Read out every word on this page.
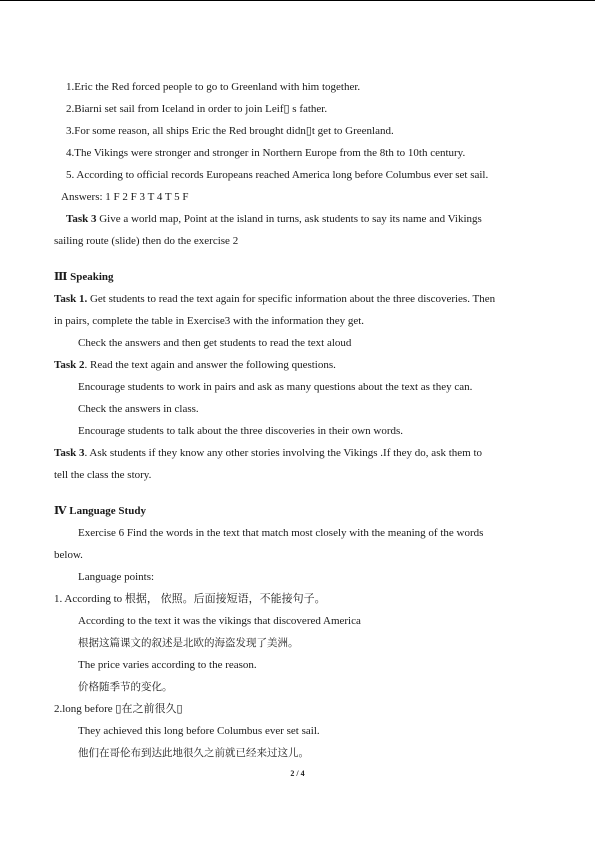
1.Eric the Red forced people to go to Greenland with him together.
2.Biarni set sail from Iceland in order to join Leif▯ s father.
3.For some reason, all ships Eric the Red brought didn▯t get to Greenland.
4.The Vikings were stronger and stronger in Northern Europe from the 8th to 10th century.
5. According to official records Europeans reached America long before Columbus ever set sail.
Answers: 1 F 2 F 3 T 4 T 5 F
Task 3 Give a world map, Point at the island in turns, ask students to say its name and Vikings
sailing route (slide) then do the exercise 2
Ⅲ Speaking
Task 1. Get students to read the text again for specific information about the three discoveries. Then
in pairs, complete the table in Exercise3 with the information they get.
Check the answers and then get students to read the text aloud
Task 2. Read the text again and answer the following questions.
Encourage students to work in pairs and ask as many questions about the text as they can.
Check the answers in class.
Encourage students to talk about the three discoveries in their own words.
Task 3. Ask students if they know any other stories involving the Vikings .If they do, ask them to
tell the class the story.
Ⅳ Language Study
Exercise 6 Find the words in the text that match most closely with the meaning of the words
below.
Language points:
1. According to 根据， 依照。后面接短语，不能接句子。
According to the text it was the vikings that discovered America
根据这篇课文的叙述是北欧的海盗发现了美洲。
The price varies according to the reason.
价格随季节的变化。
2.long before ▯在之前很久▯
They achieved this long before Columbus ever set sail.
他们在哥伦布到达此地很久之前就已经来过这儿。
2 / 4
